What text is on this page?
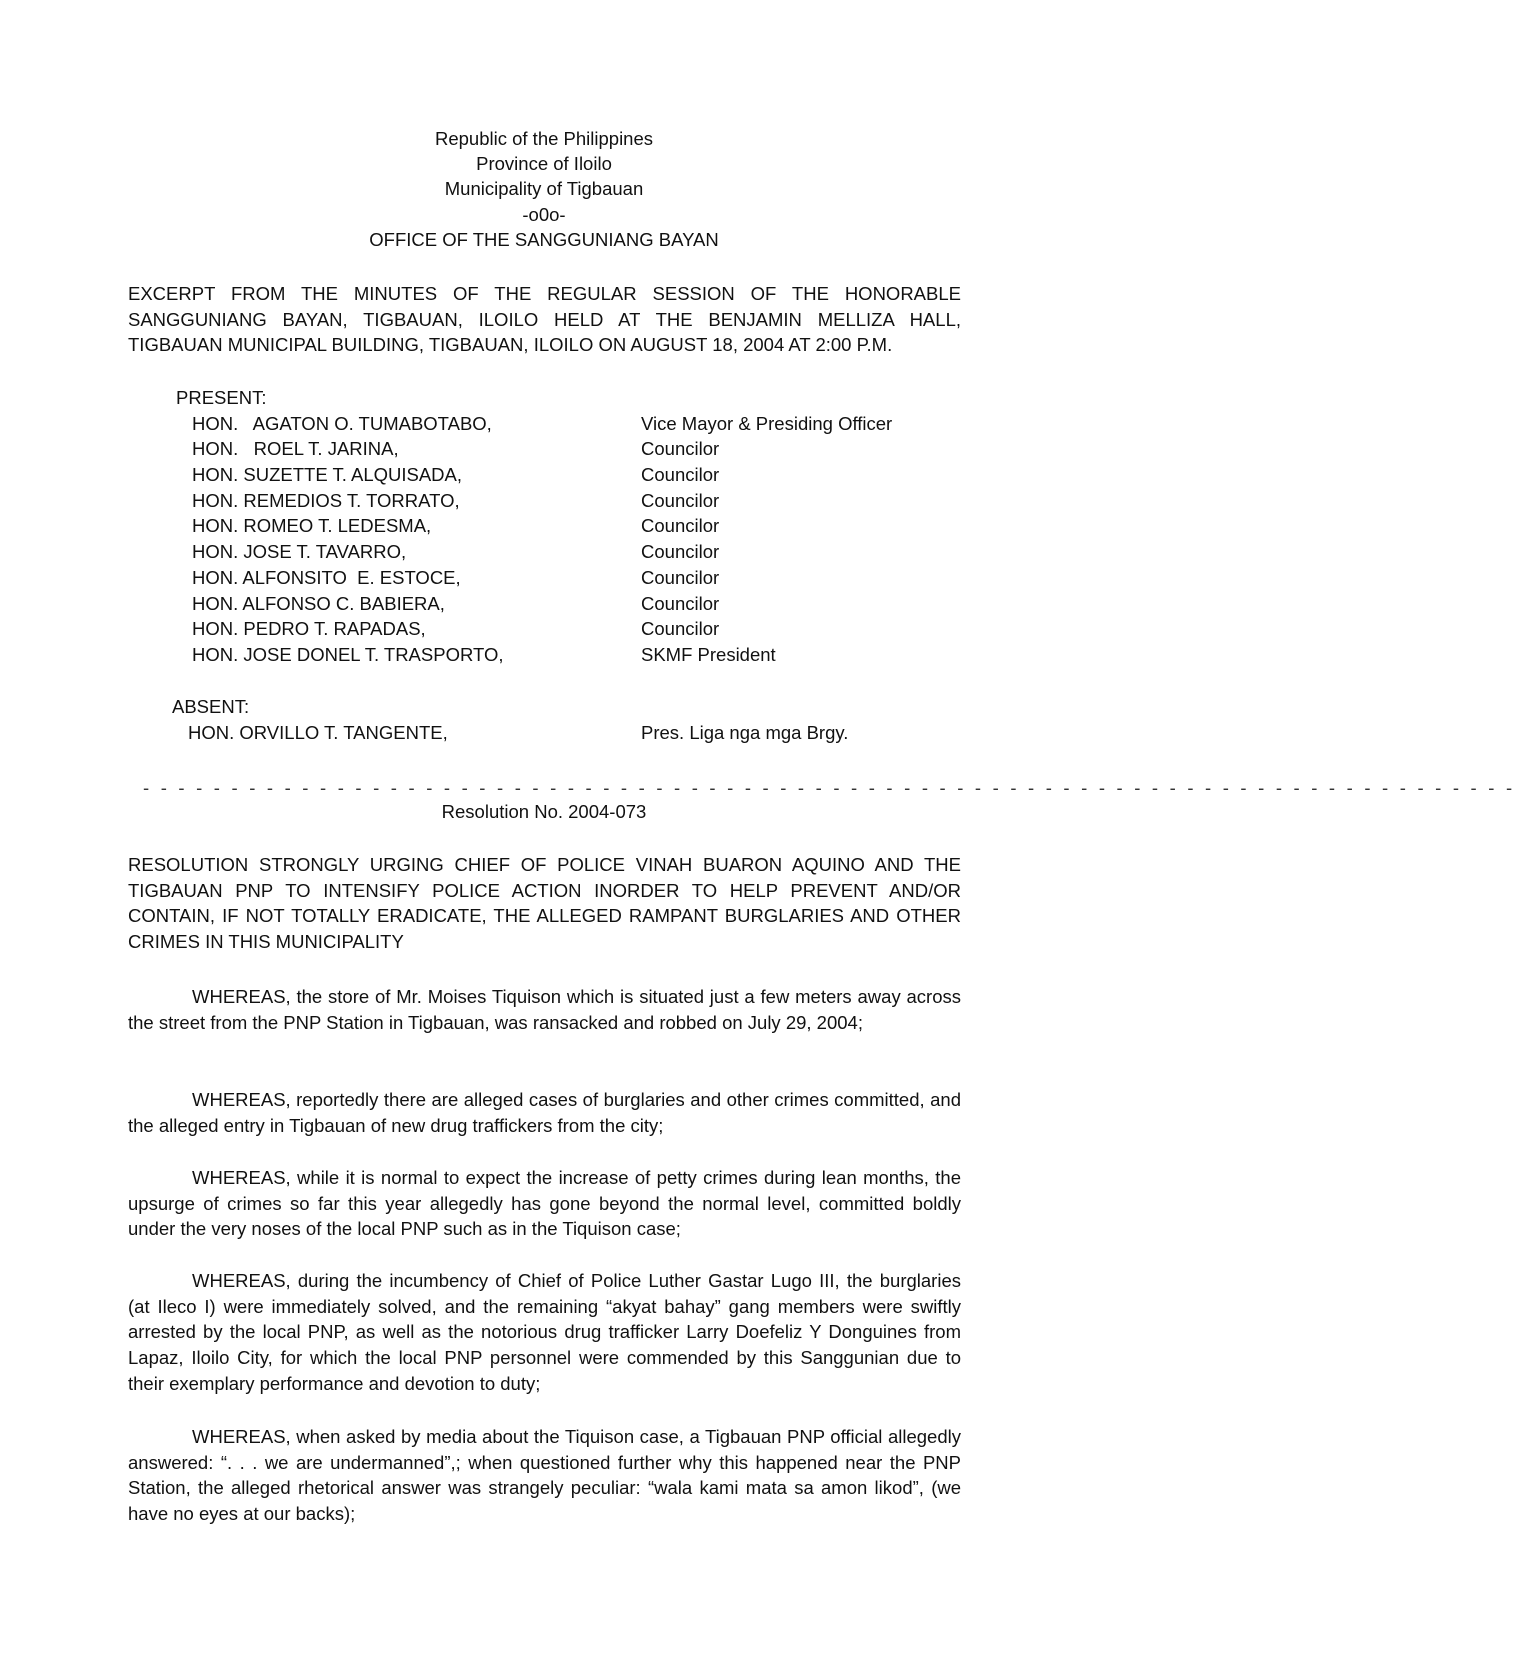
Republic of the Philippines
Province of Iloilo
Municipality of Tigbauan
-o0o-
OFFICE OF THE SANGGUNIANG BAYAN
EXCERPT FROM THE MINUTES OF THE REGULAR SESSION OF THE HONORABLE
SANGGUNIANG BAYAN, TIGBAUAN, ILOILO HELD AT THE BENJAMIN MELLIZA HALL,
TIGBAUAN MUNICIPAL BUILDING, TIGBAUAN, ILOILO ON AUGUST 18, 2004 AT 2:00 P.M.
PRESENT:
HON.   AGATON O. TUMABOTABO,	Vice Mayor & Presiding Officer
HON.   ROEL T. JARINA,	Councilor
HON. SUZETTE T. ALQUISADA,	Councilor
HON. REMEDIOS T. TORRATO,	Councilor
HON. ROMEO T. LEDESMA,	Councilor
HON. JOSE T. TAVARRO,	Councilor
HON. ALFONSITO  E. ESTOCE,	Councilor
HON. ALFONSO C. BABIERA,	Councilor
HON. PEDRO T. RAPADAS,	Councilor
HON. JOSE DONEL T. TRASPORTO,	SKMF President
ABSENT:
HON. ORVILLO T. TANGENTE,	Pres. Liga nga mga Brgy.
- - - - - - - - - - - - - - - - - - - - - - - - - - - - - - - - - - - - - - - - - - - - - - - - - - - - - - - - - - - - - - - - - - - - - - - - - - - - - -
Resolution No. 2004-073
RESOLUTION STRONGLY URGING CHIEF OF POLICE VINAH BUARON AQUINO AND THE TIGBAUAN PNP TO INTENSIFY POLICE ACTION INORDER TO HELP PREVENT AND/OR CONTAIN, IF NOT TOTALLY ERADICATE, THE ALLEGED RAMPANT BURGLARIES AND OTHER CRIMES IN THIS MUNICIPALITY
WHEREAS, the store of Mr. Moises Tiquison which is situated just a few meters away across the street from the PNP Station in Tigbauan, was ransacked and robbed on July 29, 2004;
WHEREAS, reportedly there are alleged cases of burglaries and other crimes committed, and the alleged entry in Tigbauan of new drug traffickers from the city;
WHEREAS, while it is normal to expect the increase of petty crimes during lean months, the upsurge of crimes so far this year allegedly has gone beyond the normal level, committed boldly under the very noses of the local PNP such as in the Tiquison case;
WHEREAS, during the incumbency of Chief of Police Luther Gastar Lugo III, the burglaries (at Ileco I) were immediately solved, and the remaining “akyat bahay” gang members were swiftly arrested by the local PNP, as well as the notorious drug trafficker Larry Doefeliz Y Donguines from Lapaz, Iloilo City, for which the local PNP personnel were commended by this Sanggunian due to their exemplary performance and devotion to duty;
WHEREAS, when asked by media about the Tiquison case, a Tigbauan PNP official allegedly answered: “. . . we are undermanned”,; when questioned further why this happened near the PNP Station, the alleged rhetorical answer was strangely peculiar: “wala kami mata sa amon likod”, (we have no eyes at our backs);
